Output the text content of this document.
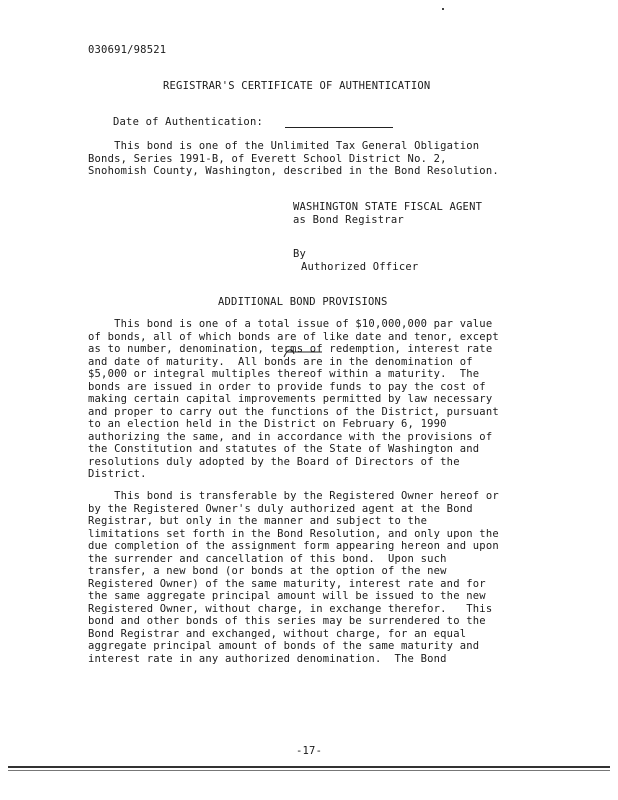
030691/98521
REGISTRAR'S CERTIFICATE OF AUTHENTICATION
Date of Authentication:
This bond is one of the Unlimited Tax General Obligation
Bonds, Series 1991-B, of Everett School District No. 2,
Snohomish County, Washington, described in the Bond Resolution.
WASHINGTON STATE FISCAL AGENT
as Bond Registrar
By
Authorized Officer
ADDITIONAL BOND PROVISIONS
This bond is one of a total issue of $10,000,000 par value
of bonds, all of which bonds are of like date and tenor, except
as to number, denomination, terms of redemption, interest rate
and date of maturity.  All bonds are in the denomination of
$5,000 or integral multiples thereof within a maturity.  The
bonds are issued in order to provide funds to pay the cost of
making certain capital improvements permitted by law necessary
and proper to carry out the functions of the District, pursuant
to an election held in the District on February 6, 1990
authorizing the same, and in accordance with the provisions of
the Constitution and statutes of the State of Washington and
resolutions duly adopted by the Board of Directors of the
District.
This bond is transferable by the Registered Owner hereof or
by the Registered Owner's duly authorized agent at the Bond
Registrar, but only in the manner and subject to the
limitations set forth in the Bond Resolution, and only upon the
due completion of the assignment form appearing hereon and upon
the surrender and cancellation of this bond.  Upon such
transfer, a new bond (or bonds at the option of the new
Registered Owner) of the same maturity, interest rate and for
the same aggregate principal amount will be issued to the new
Registered Owner, without charge, in exchange therefor.   This
bond and other bonds of this series may be surrendered to the
Bond Registrar and exchanged, without charge, for an equal
aggregate principal amount of bonds of the same maturity and
interest rate in any authorized denomination.  The Bond
-17-
